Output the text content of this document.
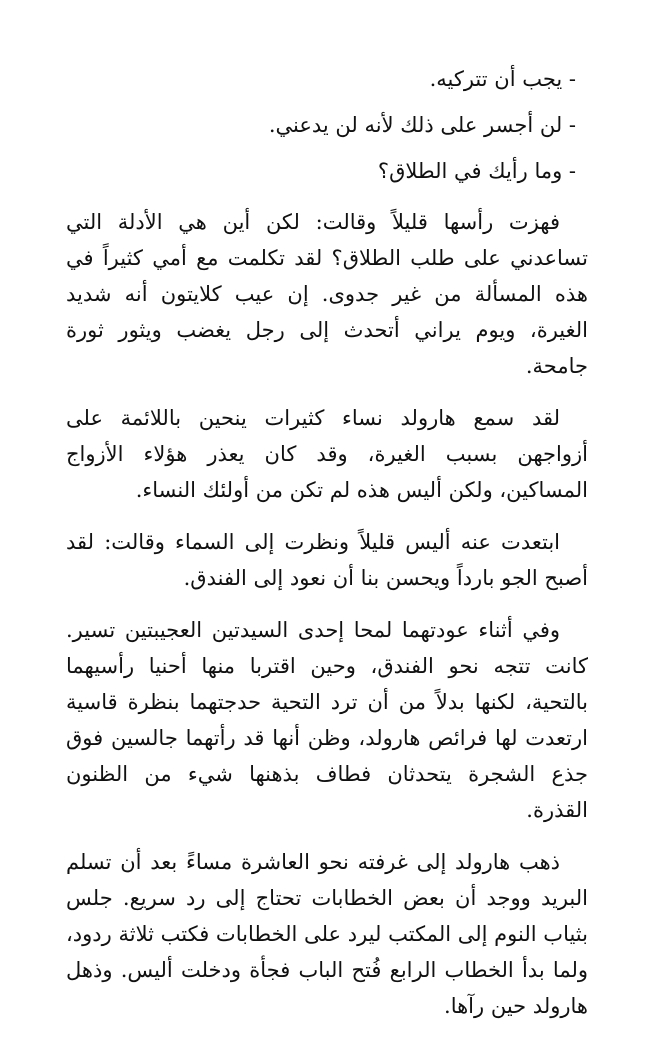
- يجب أن تتركيه.

- لن أجسر على ذلك لأنه لن يدعني.

- وما رأيك في الطلاق؟

فهزت رأسها قليلاً وقالت: لكن أين هي الأدلة التي تساعدني على طلب الطلاق؟ لقد تكلمت مع أمي كثيراً في هذه المسألة من غير جدوى. إن عيب كلايتون أنه شديد الغيرة، ويوم يراني أتحدث إلى رجل يغضب ويثور ثورة جامحة.

لقد سمع هارولد نساء كثيرات ينحين باللائمة على أزواجهن بسبب الغيرة، وقد كان يعذر هؤلاء الأزواج المساكين، ولكن أليس هذه لم تكن من أولئك النساء.

ابتعدت عنه أليس قليلاً ونظرت إلى السماء وقالت: لقد أصبح الجو بارداً ويحسن بنا أن نعود إلى الفندق.

وفي أثناء عودتهما لمحا إحدى السيدتين العجيبتين تسير. كانت تتجه نحو الفندق، وحين اقتربا منها أحنيا رأسيهما بالتحية، لكنها بدلاً من أن ترد التحية حدجتهما بنظرة قاسية ارتعدت لها فرائص هارولد، وظن أنها قد رأتهما جالسين فوق جذع الشجرة يتحدثان فطاف بذهنها شيء من الظنون القذرة.

ذهب هارولد إلى غرفته نحو العاشرة مساءً بعد أن تسلم البريد ووجد أن بعض الخطابات تحتاج إلى رد سريع. جلس بثياب النوم إلى المكتب ليرد على الخطابات فكتب ثلاثة ردود، ولما بدأ الخطاب الرابع فُتح الباب فجأة ودخلت أليس. وذهل هارولد حين رآها.
